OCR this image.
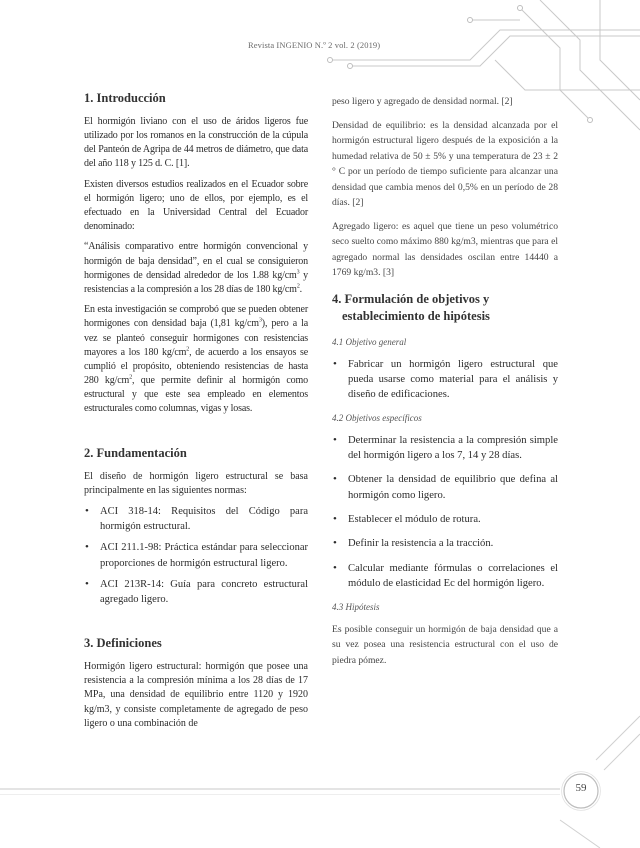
Revista INGENIO N.º 2 vol. 2 (2019)
1. Introducción

El hormigón liviano con el uso de áridos ligeros fue utilizado por los romanos en la construcción de la cúpula del Panteón de Agripa de 44 metros de diámetro, que data del año 118 y 125 d. C. [1].

Existen diversos estudios realizados en el Ecuador sobre el hormigón ligero; uno de ellos, por ejemplo, es el efectuado en la Universidad Central del Ecuador denominado:

“Análisis comparativo entre hormigón convencional y hormigón de baja densidad”, en el cual se consiguieron hormigones de densidad alrededor de los 1.88 $kg/cm^3$ y resistencias a la compresión a los 28 días de 180 $kg/cm^2$.

En esta investigación se comprobó que se pueden obtener hormigones con densidad baja (1,81 $kg/cm^3$), pero a la vez se planteó conseguir hormigones con resistencias mayores a los 180 $kg/cm^2$, de acuerdo a los ensayos se cumplió el propósito, obteniendo resistencias de hasta 280 $kg/cm^2$, que permite definir al hormigón como estructural y que este sea empleado en elementos estructurales como columnas, vigas y losas.

2. Fundamentación

El diseño de hormigón ligero estructural se basa principalmente en las siguientes normas:

• ACI 318-14: Requisitos del Código para hormigón estructural.
• ACI 211.1-98: Práctica estándar para seleccionar proporciones de hormigón estructural ligero.
• ACI 213R-14: Guía para concreto estructural agregado ligero.
3. Definiciones

Hormigón ligero estructural: hormigón que posee una resistencia a la compresión mínima a los 28 días de 17 MPa, una densidad de equilibrio entre 1120 y 1920 kg/m3, y consiste completamente de agregado de peso ligero o una combinación de

peso ligero y agregado de densidad normal. [2]

Densidad de equilibrio: es la densidad alcanzada por el hormigón estructural ligero después de la exposición a la humedad relativa de 50 ± 5% y una temperatura de 23 ± 2 ° C por un período de tiempo suficiente para alcanzar una densidad que cambia menos del 0,5% en un período de 28 días. [2]

Agregado ligero: es aquel que tiene un peso volumétrico seco suelto como máximo 880 kg/m3, mientras que para el agregado normal las densidades oscilan entre 14440 a 1769 kg/m3. [3]

4. Formulación de objetivos y
establecimiento de hipótesis
4.1 Objetivo general
• Fabricar un hormigón ligero estructural que pueda usarse como material para el análisis y diseño de edificaciones.
4.2 Objetivos específicos
• Determinar la resistencia a la compresión simple del hormigón ligero a los 7, 14 y 28 días.
• Obtener la densidad de equilibrio que defina al hormigón como ligero.
• Establecer el módulo de rotura.
• Definir la resistencia a la tracción.
• Calcular mediante fórmulas o correlaciones el módulo de elasticidad Ec del hormigón ligero.
4.3 Hipótesis

Es posible conseguir un hormigón de baja densidad que a su vez posea una resistencia estructural con el uso de piedra pómez.

59
